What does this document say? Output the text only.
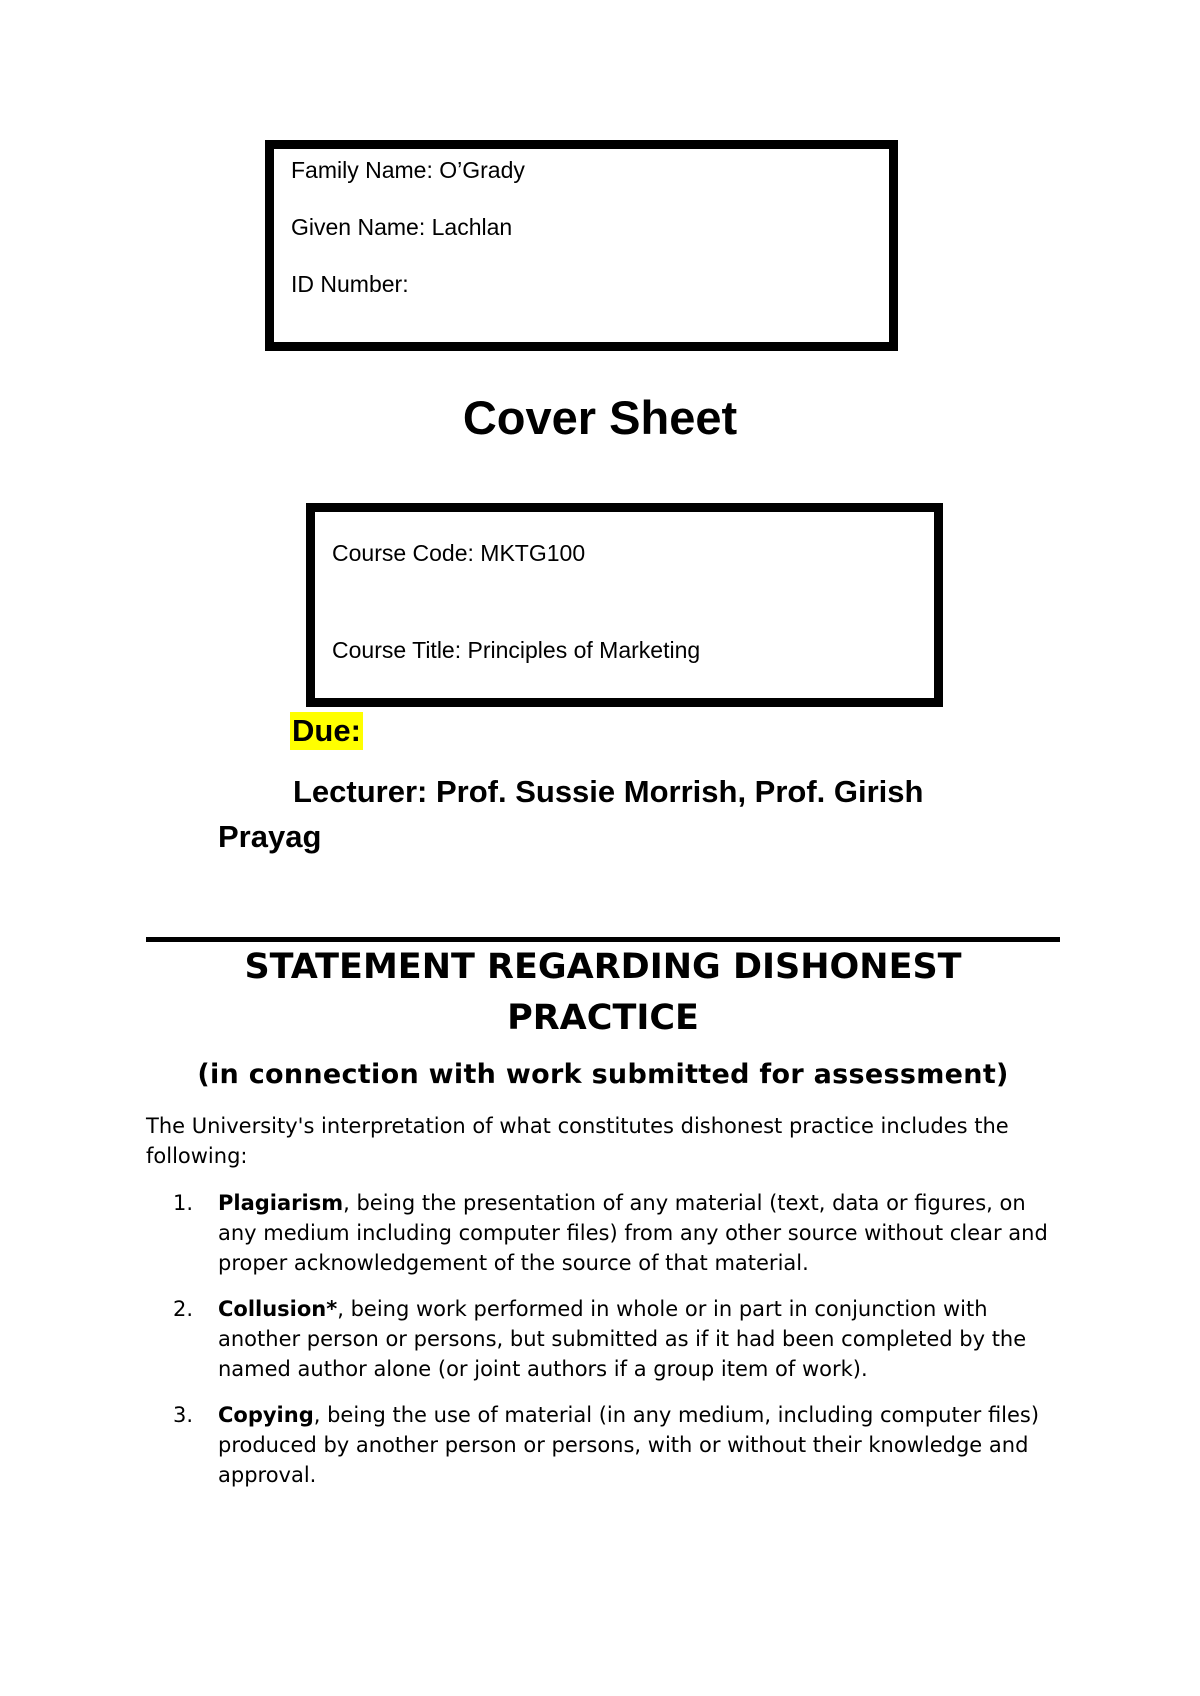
Family Name: O’Grady
Given Name: Lachlan
ID Number:
Cover Sheet
Course Code: MKTG100
Course Title: Principles of Marketing
Due:
Lecturer: Prof. Sussie Morrish, Prof. Girish Prayag
STATEMENT REGARDING DISHONEST PRACTICE
(in connection with work submitted for assessment)
The University's interpretation of what constitutes dishonest practice includes the following:
1. Plagiarism, being the presentation of any material (text, data or figures, on any medium including computer files) from any other source without clear and proper acknowledgement of the source of that material.
2. Collusion*, being work performed in whole or in part in conjunction with another person or persons, but submitted as if it had been completed by the named author alone (or joint authors if a group item of work).
3. Copying, being the use of material (in any medium, including computer files) produced by another person or persons, with or without their knowledge and approval.
